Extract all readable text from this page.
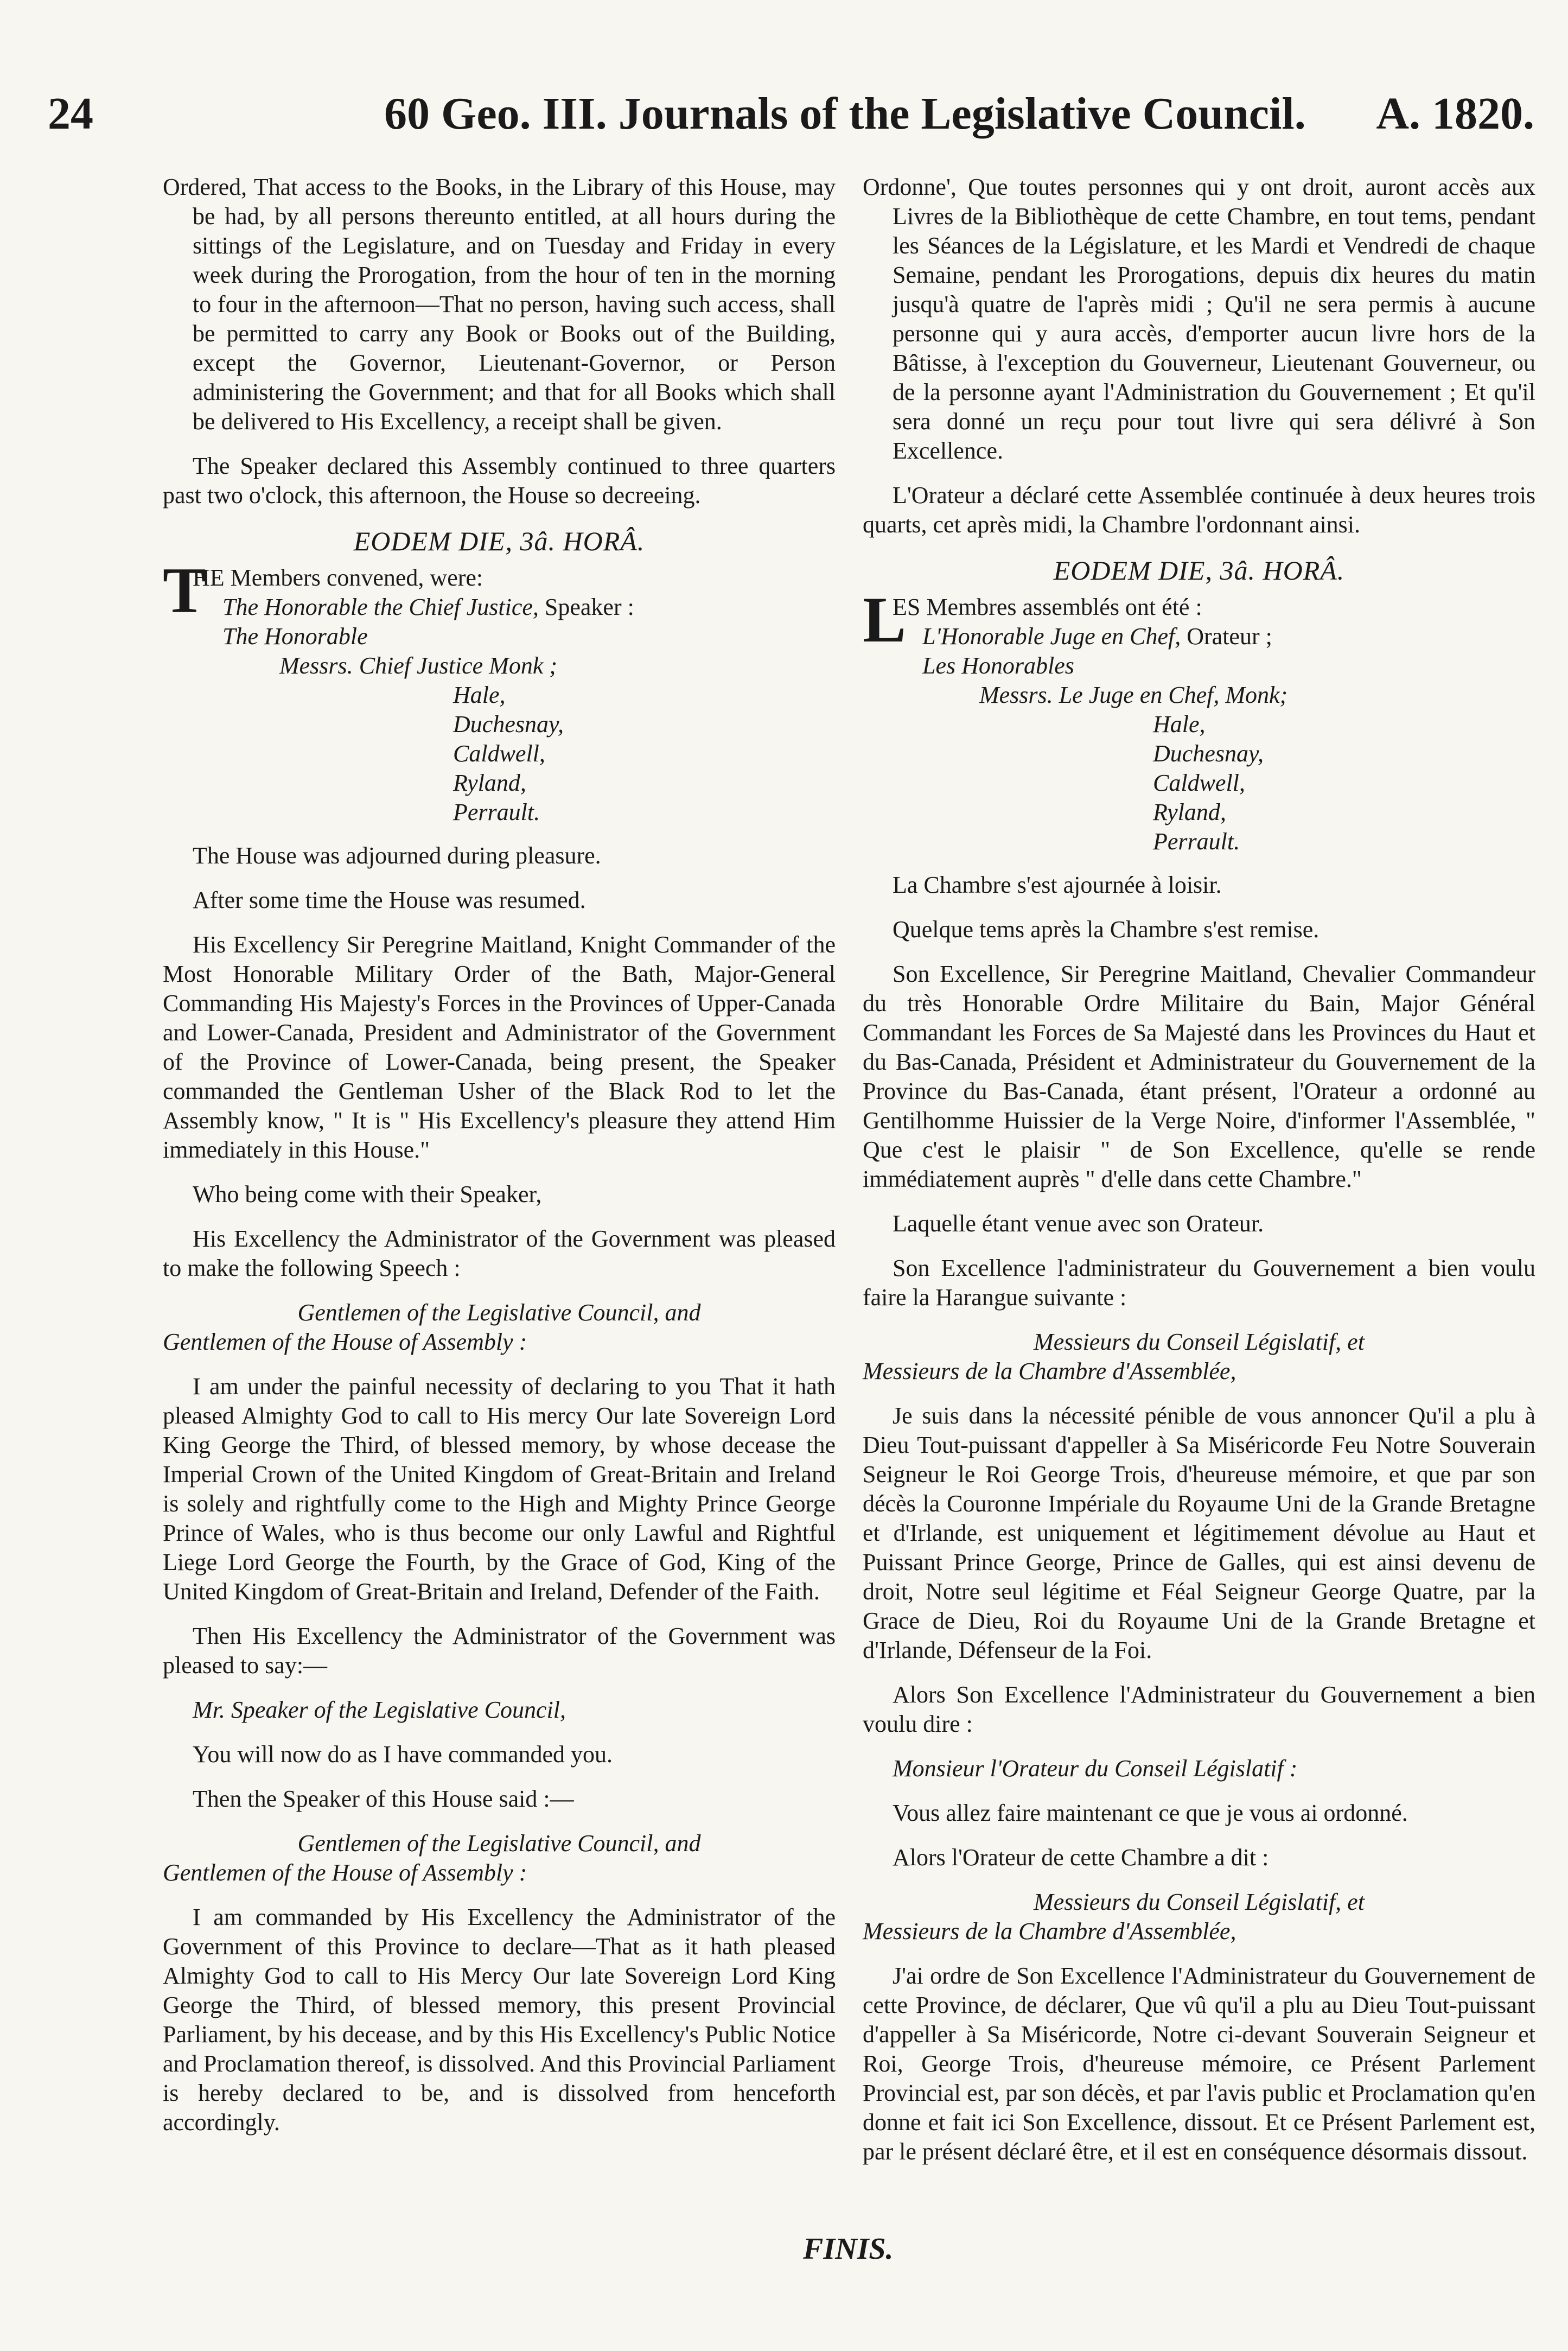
24	60 Geo. III. Journals of the Legislative Council. A. 1820.

Ordered, That access to the Books, in the Library of this House, may be had, by all persons thereunto entitled, at all hours during the sittings of the Legislature, and on Tuesday and Friday in every week during the Prorogation, from the hour of ten in the morning to four in the afternoon—That no person, having such access, shall be permitted to carry any Book or Books out of the Building, except the Governor, Lieutenant-Governor, or Person administering the Government; and that for all Books which shall be delivered to His Excellency, a receipt shall be given.

The Speaker declared this Assembly continued to three quarters past two o'clock, this afternoon, the House so decreeing.

EODEM DIE, 3â. HORÂ.
T
HE Members convened, were:
The Honorable the Chief Justice, Speaker :
The Honorable
Messrs. Chief Justice Monk ;
Hale,
Duchesnay,
Caldwell,
Ryland,
Perrault.

The House was adjourned during pleasure.

After some time the House was resumed.

His Excellency Sir Peregrine Maitland, Knight Commander of the Most Honorable Military Order of the Bath, Major-General Commanding His Majesty's Forces in the Provinces of Upper-Canada and Lower-Canada, President and Administrator of the Government of the Province of Lower-Canada, being present, the Speaker commanded the Gentleman Usher of the Black Rod to let the Assembly know, " It is " His Excellency's pleasure they attend Him immediately in this House."

Who being come with their Speaker,

His Excellency the Administrator of the Government was pleased to make the following Speech :

Gentlemen of the Legislative Council, and

Gentlemen of the House of Assembly :

I am under the painful necessity of declaring to you That it hath pleased Almighty God to call to His mercy Our late Sovereign Lord King George the Third, of blessed memory, by whose decease the Imperial Crown of the United Kingdom of Great-Britain and Ireland is solely and rightfully come to the High and Mighty Prince George Prince of Wales, who is thus become our only Lawful and Rightful Liege Lord George the Fourth, by the Grace of God, King of the United Kingdom of Great-Britain and Ireland, Defender of the Faith.

Then His Excellency the Administrator of the Government was pleased to say:—

Mr. Speaker of the Legislative Council,

You will now do as I have commanded you.

Then the Speaker of this House said :—

Gentlemen of the Legislative Council, and

Gentlemen of the House of Assembly :

I am commanded by His Excellency the Administrator of the Government of this Province to declare—That as it hath pleased Almighty God to call to His Mercy Our late Sovereign Lord King George the Third, of blessed memory, this present Provincial Parliament, by his decease, and by this His Excellency's Public Notice and Proclamation thereof, is dissolved. And this Provincial Parliament is hereby declared to be, and is dissolved from henceforth accordingly.

Ordonne', Que toutes personnes qui y ont droit, auront accès aux Livres de la Bibliothèque de cette Chambre, en tout tems, pendant les Séances de la Législature, et les Mardi et Vendredi de chaque Semaine, pendant les Prorogations, depuis dix heures du matin jusqu'à quatre de l'après midi ; Qu'il ne sera permis à aucune personne qui y aura accès, d'emporter aucun livre hors de la Bâtisse, à l'exception du Gouverneur, Lieutenant Gouverneur, ou de la personne ayant l'Administration du Gouvernement ; Et qu'il sera donné un reçu pour tout livre qui sera délivré à Son Excellence.

L'Orateur a déclaré cette Assemblée continuée à deux heures trois quarts, cet après midi, la Chambre l'ordonnant ainsi.

EODEM DIE, 3â. HORÂ.
L
ES Membres assemblés ont été :
L'Honorable Juge en Chef, Orateur ;
Les Honorables
Messrs. Le Juge en Chef, Monk;
Hale,
Duchesnay,
Caldwell,
Ryland,
Perrault.

La Chambre s'est ajournée à loisir.

Quelque tems après la Chambre s'est remise.

Son Excellence, Sir Peregrine Maitland, Chevalier Commandeur du très Honorable Ordre Militaire du Bain, Major Général Commandant les Forces de Sa Majesté dans les Provinces du Haut et du Bas-Canada, Président et Administrateur du Gouvernement de la Province du Bas-Canada, étant présent, l'Orateur a ordonné au Gentilhomme Huissier de la Verge Noire, d'informer l'Assemblée, " Que c'est le plaisir " de Son Excellence, qu'elle se rende immédiatement auprès " d'elle dans cette Chambre."

Laquelle étant venue avec son Orateur.

Son Excellence l'administrateur du Gouvernement a bien voulu faire la Harangue suivante :

Messieurs du Conseil Législatif, et

Messieurs de la Chambre d'Assemblée,

Je suis dans la nécessité pénible de vous annoncer Qu'il a plu à Dieu Tout-puissant d'appeller à Sa Miséricorde Feu Notre Souverain Seigneur le Roi George Trois, d'heureuse mémoire, et que par son décès la Couronne Impériale du Royaume Uni de la Grande Bretagne et d'Irlande, est uniquement et légitimement dévolue au Haut et Puissant Prince George, Prince de Galles, qui est ainsi devenu de droit, Notre seul légitime et Féal Seigneur George Quatre, par la Grace de Dieu, Roi du Royaume Uni de la Grande Bretagne et d'Irlande, Défenseur de la Foi.

Alors Son Excellence l'Administrateur du Gouvernement a bien voulu dire :

Monsieur l'Orateur du Conseil Législatif :

Vous allez faire maintenant ce que je vous ai ordonné.

Alors l'Orateur de cette Chambre a dit :

Messieurs du Conseil Législatif, et

Messieurs de la Chambre d'Assemblée,

J'ai ordre de Son Excellence l'Administrateur du Gouvernement de cette Province, de déclarer, Que vû qu'il a plu au Dieu Tout-puissant d'appeller à Sa Miséricorde, Notre ci-devant Souverain Seigneur et Roi, George Trois, d'heureuse mémoire, ce Présent Parlement Provincial est, par son décès, et par l'avis public et Proclamation qu'en donne et fait ici Son Excellence, dissout. Et ce Présent Parlement est, par le présent déclaré être, et il est en conséquence désormais dissout.

FINIS.
